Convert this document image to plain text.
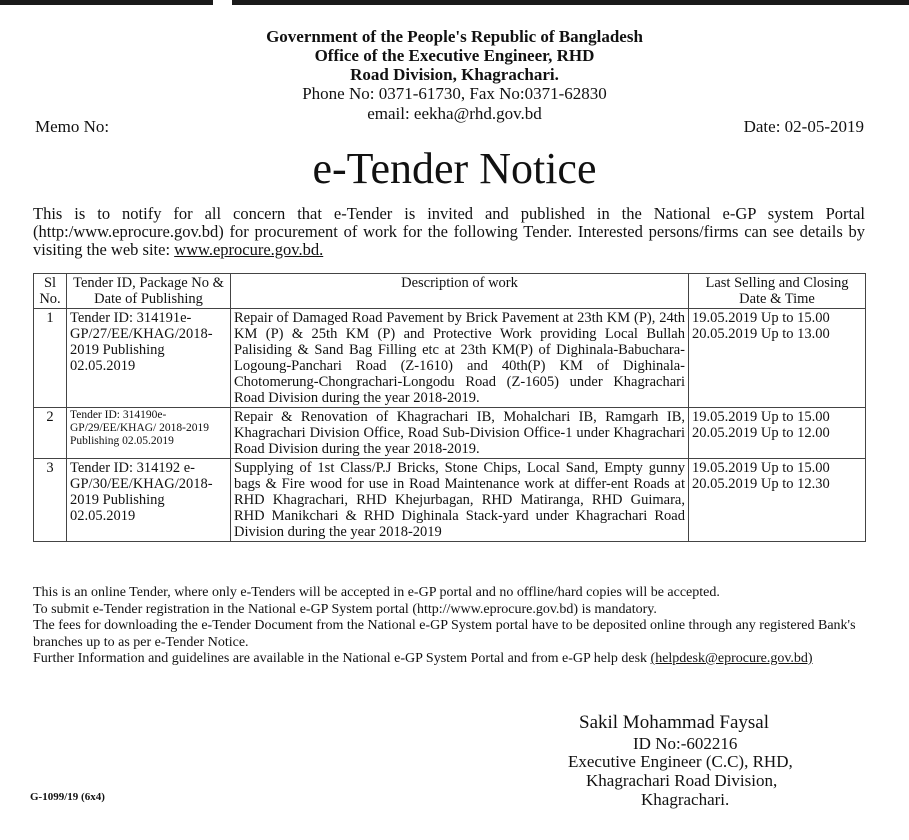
Government of the People's Republic of Bangladesh
Office of the Executive Engineer, RHD
Road Division, Khagrachari.
Phone No: 0371-61730, Fax No:0371-62830
email: eekha@rhd.gov.bd
Memo No:	Date: 02-05-2019
e-Tender Notice
This is to notify for all concern that e-Tender is invited and published in the National e-GP system Portal (http:/www.eprocure.gov.bd) for procurement of work for the following Tender. Interested persons/firms can see details by visiting the web site: www.eprocure.gov.bd.
Sl No.	Tender ID, Package No & Date of Publishing	Description of work	Last Selling and Closing Date & Time
1	Tender ID: 314191e-GP/27/EE/KHAG/2018-2019 Publishing 02.05.2019	Repair of Damaged Road Pavement by Brick Pavement at 23th KM (P), 24th KM (P) & 25th KM (P) and Protective Work providing Local Bullah Palisiding & Sand Bag Filling etc at 23th KM(P) of Dighinala-Babuchara-Logoung-Panchari Road (Z-1610) and 40th(P) KM of Dighinala-Chotomerung-Chongrachari-Longodu Road (Z-1605) under Khagrachari Road Division during the year 2018-2019.	19.05.2019 Up to 15.00
20.05.2019 Up to 13.00

2	Tender ID: 314190e-GP/29/EE/KHAG/ 2018-2019 Publishing 02.05.2019	Repair & Renovation of Khagrachari IB, Mohalchari IB, Ramgarh IB, Khagrachari Division Office, Road Sub-Division Office-1 under Khagrachari Road Division during the year 2018-2019.	19.05.2019 Up to 15.00
20.05.2019 Up to 12.00

3	Tender ID: 314192 e-GP/30/EE/KHAG/2018-2019 Publishing 02.05.2019	Supplying of 1st Class/P.J Bricks, Stone Chips, Local Sand, Empty gunny bags & Fire wood for use in Road Maintenance work at differ-ent Roads at RHD Khagrachari, RHD Khejurbagan, RHD Matiranga, RHD Guimara, RHD Manikchari & RHD Dighinala Stack-yard under Khagrachari Road Division during the year 2018-2019	19.05.2019 Up to 15.00
20.05.2019 Up to 12.30

This is an online Tender, where only e-Tenders will be accepted in e-GP portal and no offline/hard copies will be accepted.

To submit e-Tender registration in the National e-GP System portal (http://www.eprocure.gov.bd) is mandatory.

The fees for downloading the e-Tender Document from the National e-GP System portal have to be deposited online through any registered Bank's branches up to as per e-Tender Notice.

Further Information and guidelines are available in the National e-GP System Portal and from e-GP help desk (helpdesk@eprocure.gov.bd)

Sakil Mohammad Faysal
ID No:-602216
Executive Engineer (C.C), RHD,
Khagrachari Road Division,
Khagrachari.
G-1099/19 (6x4)
